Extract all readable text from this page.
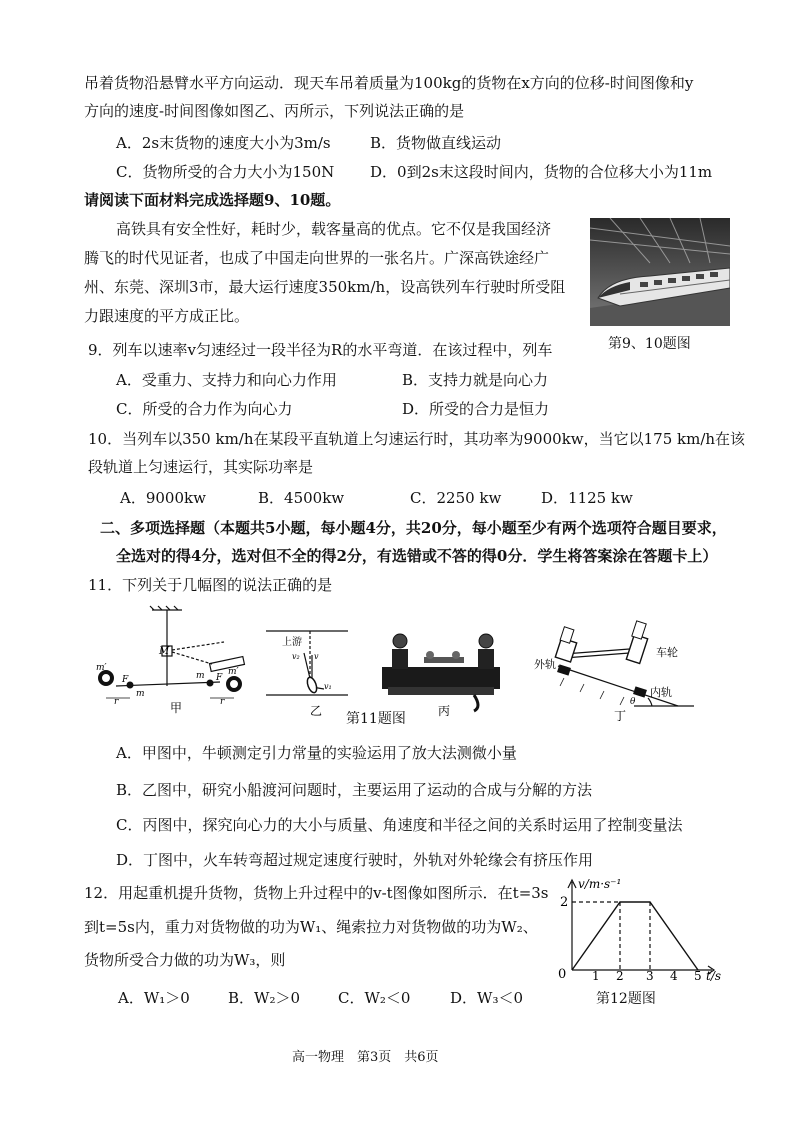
吊着货物沿悬臂水平方向运动．现天车吊着质量为100kg的货物在x方向的位移-时间图像和y
方向的速度-时间图像如图乙、丙所示，下列说法正确的是
A．2s末货物的速度大小为3m/s	B．货物做直线运动
C．货物所受的合力大小为150N D．0到2s末这段时间内，货物的合位移大小为11m
请阅读下面材料完成选择题9、10题。
高铁具有安全性好，耗时少，载客量高的优点。它不仅是我国经济
腾飞的时代见证者，也成了中国走向世界的一张名片。广深高铁途经广
州、东莞、深圳3市，最大运行速度350km/h，设高铁列车行驶时所受阻
力跟速度的平方成正比。
第9、10题图
9．列车以速率v匀速经过一段半径为R的水平弯道．在该过程中，列车
A．受重力、支持力和向心力作用	B．支持力就是向心力
C．所受的合力作为向心力	D．所受的合力是恒力
10．当列车以350 km/h在某段平直轨道上匀速运行时，其功率为9000kw，当它以175 km/h在该
段轨道上匀速运行，其实际功率是
A．9000kw	B．4500kw	C．2250 kw	D．1125 kw
二、多项选择题（本题共5小题，每小题4分，共20分，每小题至少有两个选项符合题目要求，
全选对的得4分，选对但不全的得2分，有选错或不答的得0分．学生将答案涂在答题卡上）
11．下列关于几幅图的说法正确的是
M
m′	m′
m
m
F	F
r	r
甲
上游
v₂ v
v₁
乙	丙
外轨
车轮
内轨
θ
丁
第11题图
A．甲图中，牛顿测定引力常量的实验运用了放大法测微小量
B．乙图中，研究小船渡河问题时，主要运用了运动的合成与分解的方法
C．丙图中，探究向心力的大小与质量、角速度和半径之间的关系时运用了控制变量法
D．丁图中，火车转弯超过规定速度行驶时，外轨对外轮缘会有挤压作用
12．用起重机提升货物，货物上升过程中的v-t图像如图所示．在t=3s
到t=5s内，重力对货物做的功为W₁、绳索拉力对货物做的功为W₂、
货物所受合力做的功为W₃，则
A．W₁＞0	B．W₂＞0	C．W₂＜0	D．W₃＜0
v/m·s⁻¹
2
0 1 2 3 4 5 t/s
第12题图
高一物理　第3页　共6页
